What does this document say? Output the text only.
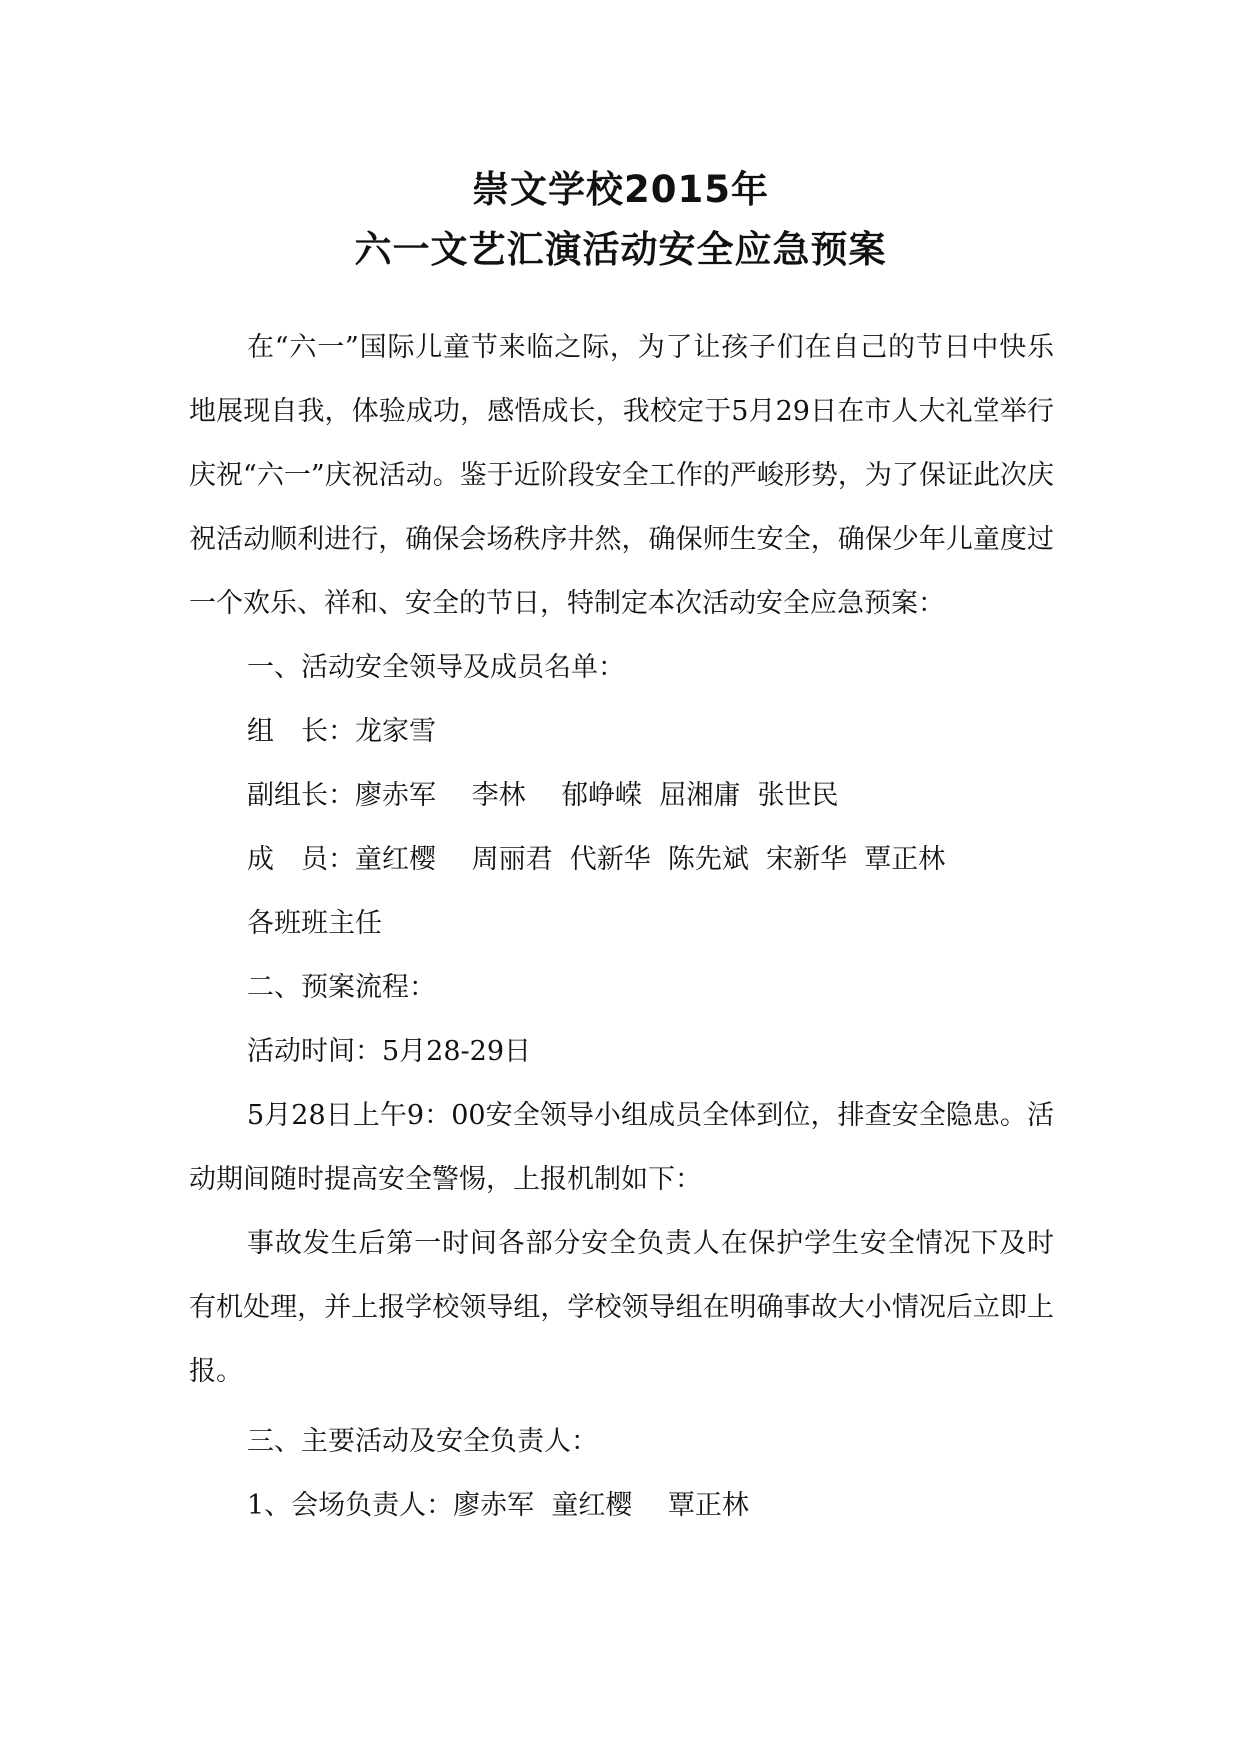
崇文学校2015年
六一文艺汇演活动安全应急预案

在“六一”国际儿童节来临之际，为了让孩子们在自己的节日中快乐地展现自我，体验成功，感悟成长，我校定于5月29日在市人大礼堂举行庆祝“六一”庆祝活动。鉴于近阶段安全工作的严峻形势，为了保证此次庆祝活动顺利进行，确保会场秩序井然，确保师生安全，确保少年儿童度过一个欢乐、祥和、安全的节日，特制定本次活动安全应急预案：

一、活动安全领导及成员名单：

组　长：龙家雪

副组长：廖赤军　 李林　 郁峥嵘  屈湘庸  张世民

成　员：童红樱　 周丽君  代新华  陈先斌  宋新华  覃正林

各班班主任

二、预案流程：

活动时间：5月28-29日

5月28日上午9：00安全领导小组成员全体到位，排查安全隐患。活动期间随时提高安全警惕，上报机制如下：

事故发生后第一时间各部分安全负责人在保护学生安全情况下及时有机处理，并上报学校领导组，学校领导组在明确事故大小情况后立即上报。

三、主要活动及安全负责人：

1、会场负责人：廖赤军  童红樱　 覃正林
